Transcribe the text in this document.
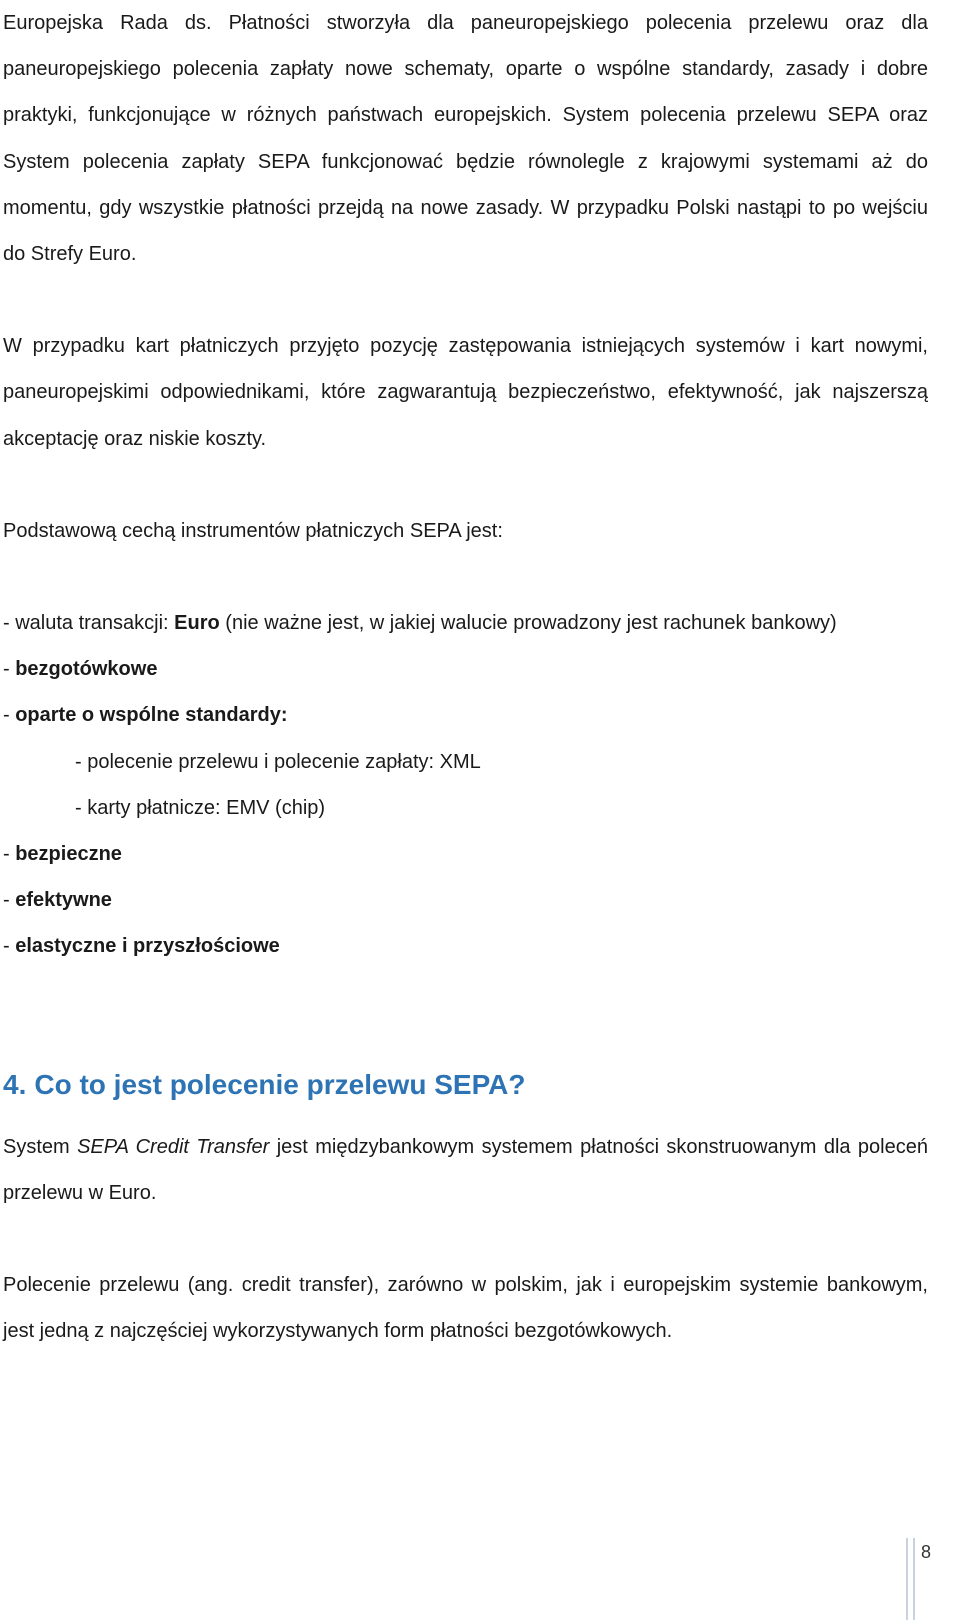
Europejska Rada ds. Płatności stworzyła dla paneuropejskiego polecenia przelewu oraz dla paneuropejskiego polecenia zapłaty nowe schematy, oparte o wspólne standardy, zasady i dobre praktyki, funkcjonujące w różnych państwach europejskich. System polecenia przelewu SEPA oraz System polecenia zapłaty SEPA funkcjonować będzie równolegle z krajowymi systemami aż do momentu, gdy wszystkie płatności przejdą na nowe zasady. W przypadku Polski nastąpi to po wejściu do Strefy Euro.

W przypadku kart płatniczych przyjęto pozycję zastępowania istniejących systemów i kart nowymi, paneuropejskimi odpowiednikami, które zagwarantują bezpieczeństwo, efektywność, jak najszerszą akceptację oraz niskie koszty.

Podstawową cechą instrumentów płatniczych SEPA jest:

- waluta transakcji: Euro (nie ważne jest, w jakiej walucie prowadzony jest rachunek bankowy)

- bezgotówkowe

- oparte o wspólne standardy:

- polecenie przelewu i polecenie zapłaty: XML

- karty płatnicze: EMV (chip)

- bezpieczne

- efektywne

- elastyczne i przyszłościowe

4. Co to jest polecenie przelewu SEPA?

System SEPA Credit Transfer jest międzybankowym systemem płatności skonstruowanym dla poleceń przelewu w Euro.

Polecenie przelewu (ang. credit transfer), zarówno w polskim, jak i europejskim systemie bankowym, jest jedną z najczęściej wykorzystywanych form płatności bezgotówkowych.

8
